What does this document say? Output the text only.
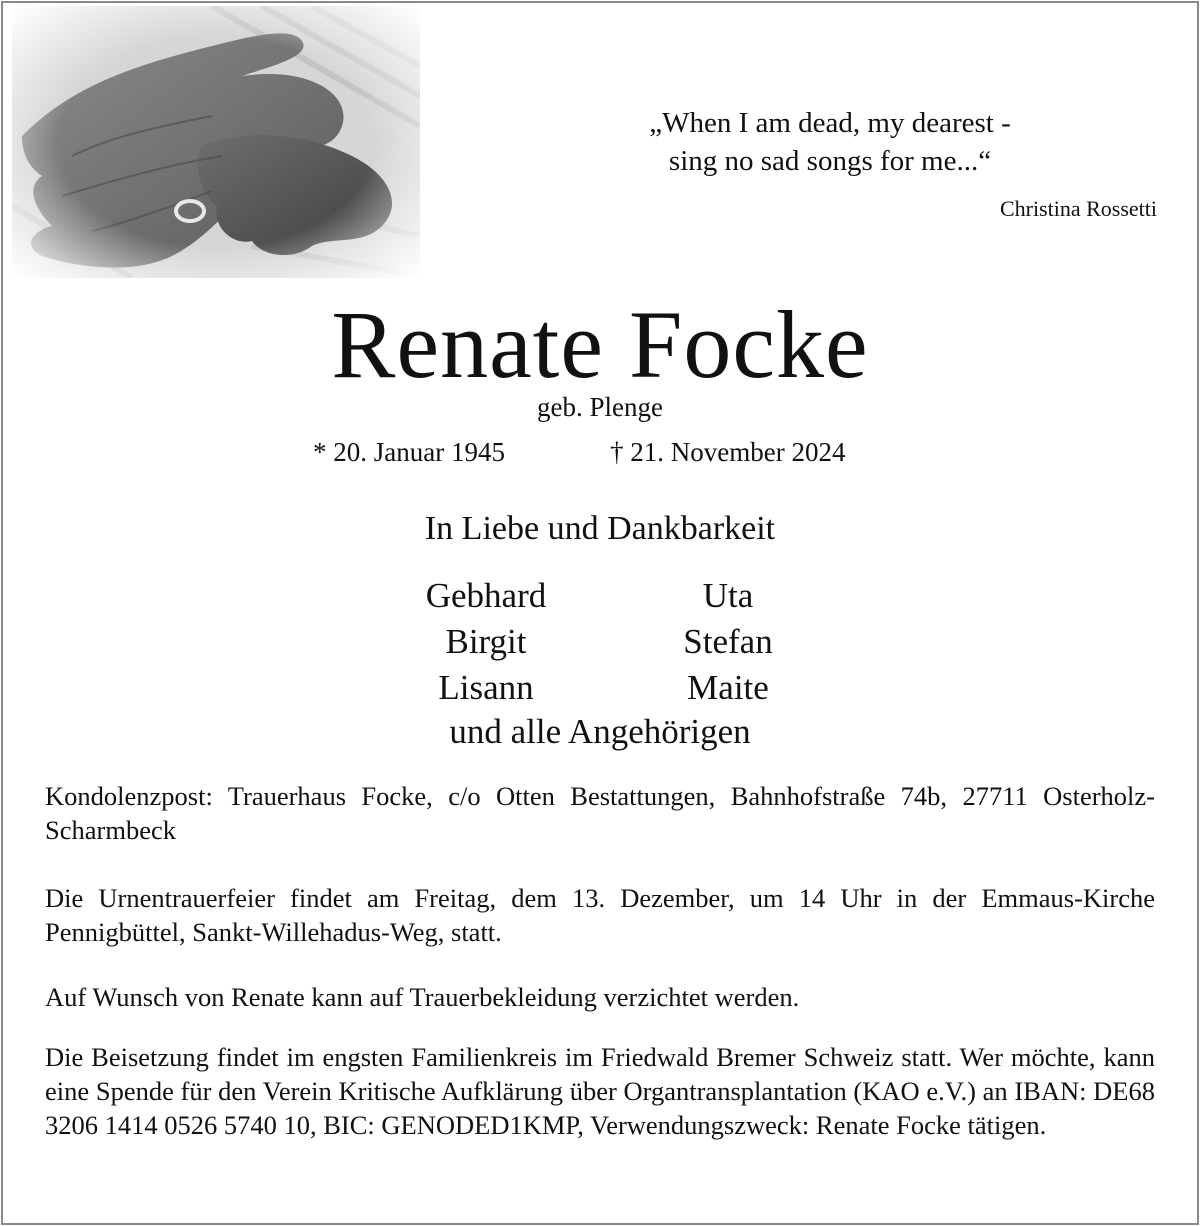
„When I am dead, my dearest -
sing no sad songs for me...“
Christina Rossetti
Renate Focke
geb. Plenge
* 20. Januar 1945	† 21. November 2024
In Liebe und Dankbarkeit
Gebhard
Birgit
Lisann
Uta
Stefan
Maite
und alle Angehörigen
Kondolenzpost: Trauerhaus Focke, c/o Otten Bestattungen, Bahnhofstraße 74b, 27711 Osterholz-Scharmbeck
Die Urnentrauerfeier findet am Freitag, dem 13. Dezember, um 14 Uhr in der Emmaus-Kirche Pennigbüttel, Sankt-Willehadus-Weg, statt.
Auf Wunsch von Renate kann auf Trauerbekleidung verzichtet werden.
Die Beisetzung findet im engsten Familienkreis im Friedwald Bremer Schweiz statt. Wer möchte, kann eine Spende für den Verein Kritische Aufklärung über Organtransplantation (KAO e.V.) an IBAN: DE68 3206 1414 0526 5740 10, BIC: GENODED1KMP, Verwendungszweck: Renate Focke tätigen.
